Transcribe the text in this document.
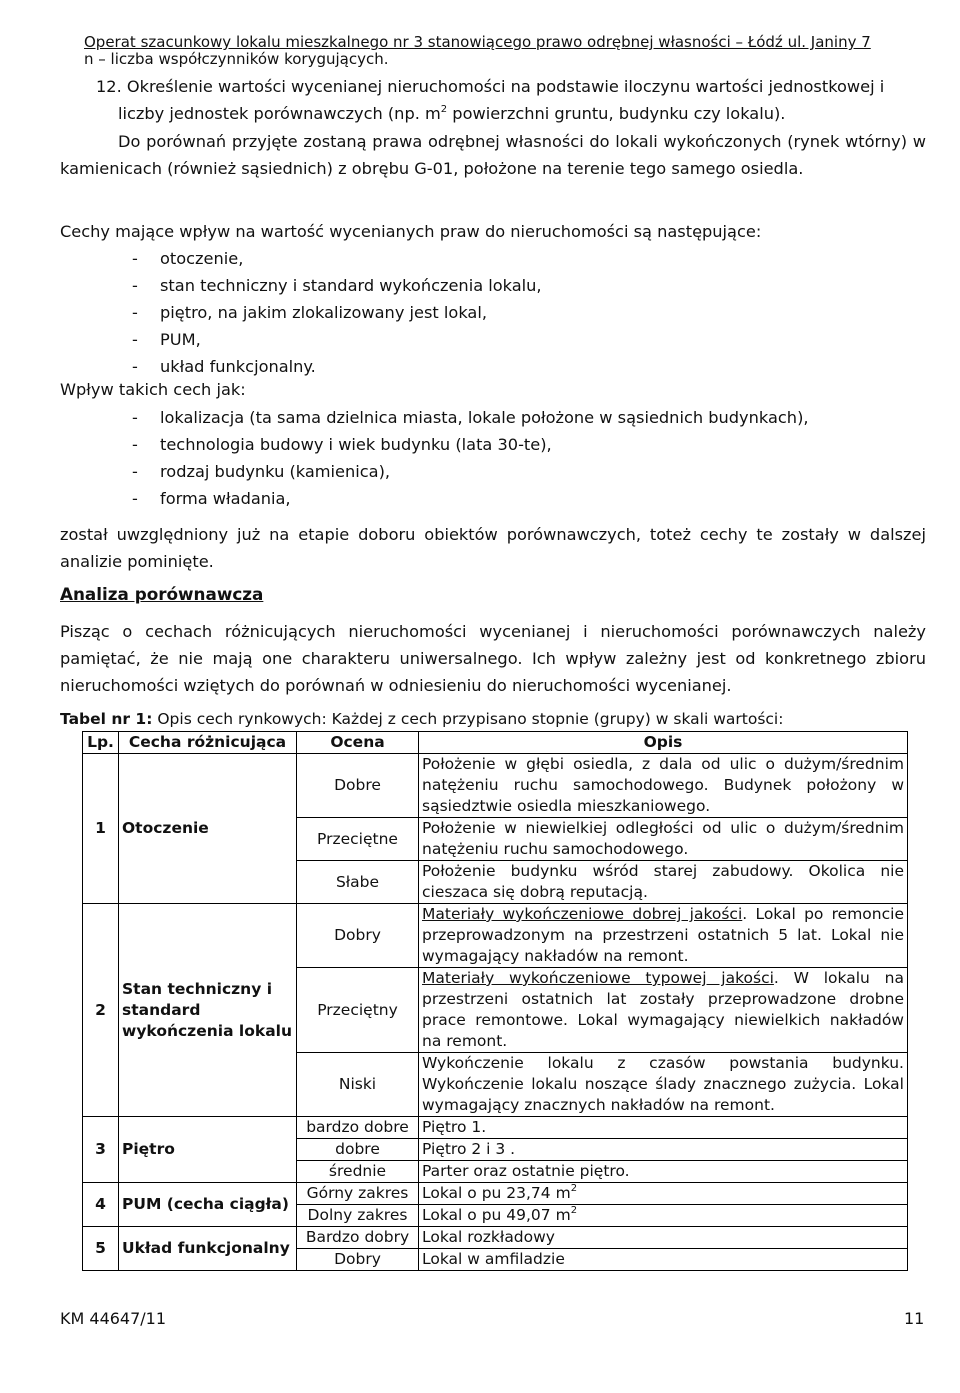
Operat szacunkowy lokalu mieszkalnego nr 3 stanowiącego prawo odrębnej własności – Łódź ul. Janiny 7
n – liczba współczynników korygujących.
12. Określenie wartości wycenianej nieruchomości na podstawie iloczynu wartości jednostkowej i
liczby jednostek porównawczych (np. $m^2$ powierzchni gruntu, budynku czy lokalu).
Do porównań przyjęte zostaną prawa odrębnej własności do lokali wykończonych (rynek wtórny) w kamienicach (również sąsiednich) z obrębu G-01, położone na terenie tego samego osiedla.
Cechy mające wpływ na wartość wycenianych praw do nieruchomości są następujące:
- otoczenie,
- stan techniczny i standard wykończenia lokalu,
- piętro, na jakim zlokalizowany jest lokal,
- PUM,
- układ funkcjonalny.
Wpływ takich cech jak:
- lokalizacja (ta sama dzielnica miasta, lokale położone w sąsiednich budynkach),
- technologia budowy i wiek budynku (lata 30-te),
- rodzaj budynku (kamienica),
- forma władania,
został uwzględniony już na etapie doboru obiektów porównawczych, toteż cechy te zostały w dalszej analizie pominięte.
Analiza porównawcza
Pisząc o cechach różnicujących nieruchomości wycenianej i nieruchomości porównawczych należy pamiętać, że nie mają one charakteru uniwersalnego. Ich wpływ zależny jest od konkretnego zbioru nieruchomości wziętych do porównań w odniesieniu do nieruchomości wycenianej.
Tabel nr 1: Opis cech rynkowych: Każdej z cech przypisano stopnie (grupy) w skali wartości:
Lp.	Cecha różnicująca	Ocena	Opis
1	Otoczenie	Dobre	Położenie w głębi osiedla, z dala od ulic o dużym/średnim natężeniu ruchu samochodowego. Budynek położony w sąsiedztwie osiedla mieszkaniowego.
		Przeciętne	Położenie w niewielkiej odległości od ulic o dużym/średnim natężeniu ruchu samochodowego.
		Słabe	Położenie budynku wśród starej zabudowy. Okolica nie cieszaca się dobrą reputacją.
2	Stan techniczny i standard wykończenia lokalu	Dobry	Materiały wykończeniowe dobrej jakości. Lokal po remoncie przeprowadzonym na przestrzeni ostatnich 5 lat. Lokal nie wymagający nakładów na remont.
		Przeciętny	Materiały wykończeniowe typowej jakości. W lokalu na przestrzeni ostatnich lat zostały przeprowadzone drobne prace remontowe. Lokal wymagający niewielkich nakładów na remont.
		Niski	Wykończenie lokalu z czasów powstania budynku. Wykończenie lokalu noszące ślady znacznego zużycia. Lokal wymagający znacznych nakładów na remont.
3	Piętro	bardzo dobre	Piętro 1.
		dobre	Piętro 2 i 3 .
		średnie	Parter oraz ostatnie piętro.
4	PUM (cecha ciągła)	Górny zakres	Lokal o pu 23,74 $m^2$
		Dolny zakres	Lokal o pu 49,07 $m^2$
5	Układ funkcjonalny	Bardzo dobry	Lokal rozkładowy
		Dobry	Lokal w amfiladzie
KM 44647/11	11
